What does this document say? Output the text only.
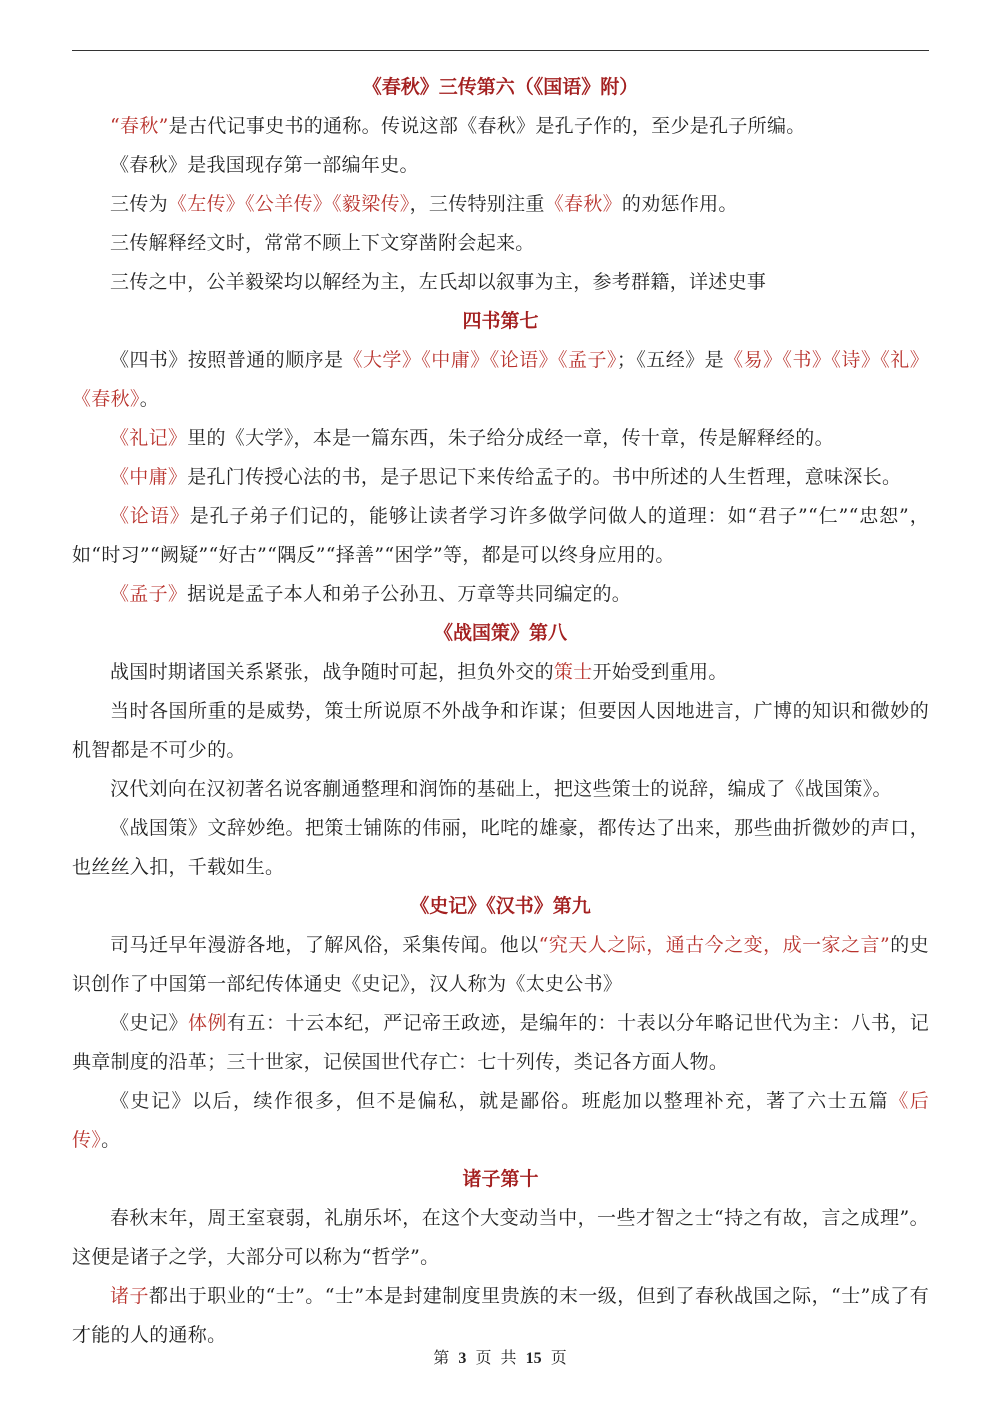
《春秋》三传第六（《国语》附）
“春秋”是古代记事史书的通称。传说这部《春秋》是孔子作的，至少是孔子所编。
《春秋》是我国现存第一部编年史。
三传为《左传》《公羊传》《毅梁传》，三传特别注重《春秋》的劝惩作用。
三传解释经文时，常常不顾上下文穿凿附会起来。
三传之中，公羊毅梁均以解经为主，左氏却以叙事为主，参考群籍，详述史事
四书第七
《四书》按照普通的顺序是《大学》《中庸》《论语》《孟子》；《五经》是《易》《书》《诗》《礼》《春秋》。
《礼记》里的《大学》，本是一篇东西，朱子给分成经一章，传十章，传是解释经的。
《中庸》是孔门传授心法的书，是子思记下来传给孟子的。书中所述的人生哲理，意味深长。
《论语》是孔子弟子们记的，能够让读者学习许多做学问做人的道理：如“君子”“仁”“忠恕”，如“时习”“阙疑”“好古”“隅反”“择善”“困学”等，都是可以终身应用的。
《孟子》据说是孟子本人和弟子公孙丑、万章等共同编定的。
《战国策》第八
战国时期诸国关系紧张，战争随时可起，担负外交的策士开始受到重用。
当时各国所重的是威势，策士所说原不外战争和诈谋；但要因人因地进言，广博的知识和微妙的机智都是不可少的。
汉代刘向在汉初著名说客蒯通整理和润饰的基础上，把这些策士的说辞，编成了《战国策》。
《战国策》文辞妙绝。把策士铺陈的伟丽，叱咤的雄豪，都传达了出来，那些曲折微妙的声口，也丝丝入扣，千载如生。
《史记》《汉书》第九
司马迁早年漫游各地，了解风俗，采集传闻。他以“究天人之际，通古今之变，成一家之言”的史识创作了中国第一部纪传体通史《史记》，汉人称为《太史公书》
《史记》体例有五：十云本纪，严记帝王政迹，是编年的：十表以分年略记世代为主：八书，记典章制度的沿革；三十世家，记侯国世代存亡：七十列传，类记各方面人物。
《史记》以后，续作很多，但不是偏私，就是鄙俗。班彪加以整理补充，著了六士五篇《后传》。
诸子第十
春秋末年，周王室衰弱，礼崩乐坏，在这个大变动当中，一些才智之士“持之有故，言之成理”。这便是诸子之学，大部分可以称为“哲学”。
诸子都出于职业的“士”。“士”本是封建制度里贵族的末一级，但到了春秋战国之际，“士”成了有才能的人的通称。
第 3 页 共 15 页
